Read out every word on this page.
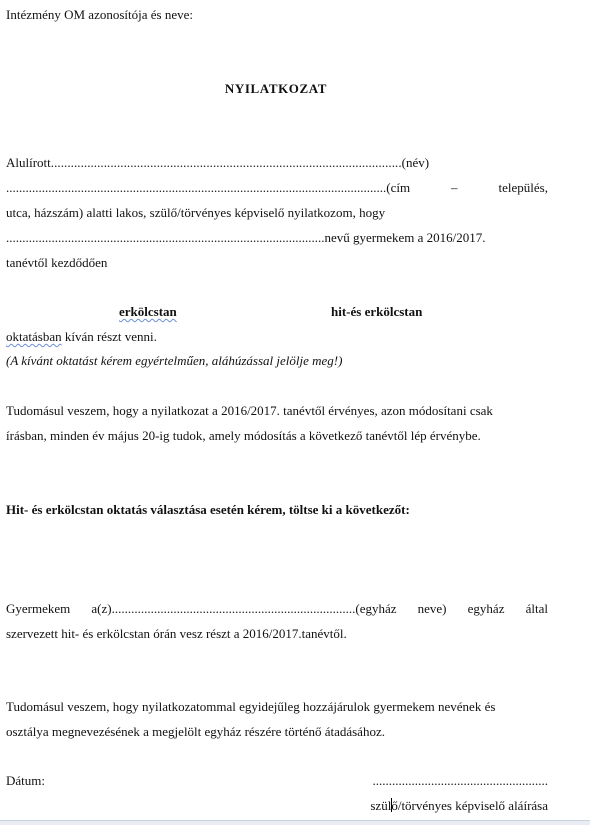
Intézmény OM azonosítója és neve:
NYILATKOZAT
Alulírott .......................................................................................................... (név)
.....................................................................................................................(cím	–	település,
utca, házszám) alatti lakos, szülő/törvényes képviselő nyilatkozom, hogy
..................................................................................................nevű gyermekem a 2016/2017.
tanévtől kezdődően
erkölcstan	hit-és erkölcstan
oktatásban kíván részt venni.
(A kívánt oktatást kérem egyértelműen, aláhúzással jelölje meg!)
Tudomásul veszem, hogy a nyilatkozat a 2016/2017. tanévtől érvényes, azon módosítani csak
írásban, minden év május 20-ig tudok, amely módosítás a következő tanévtől lép érvénybe.
Hit- és erkölcstan oktatás választása esetén kérem, töltse ki a következőt:
Gyermekem a(z)...........................................................................(egyház neve) egyház által
szervezett hit- és erkölcstan órán vesz részt a 2016/2017.tanévtől.
Tudomásul veszem, hogy nyilatkozatommal egyidejűleg hozzájárulok gyermekem nevének és
osztálya megnevezésének a megjelölt egyház részére történő átadásához.
Dátum:	......................................................
szülő/törvényes képviselő aláírása
